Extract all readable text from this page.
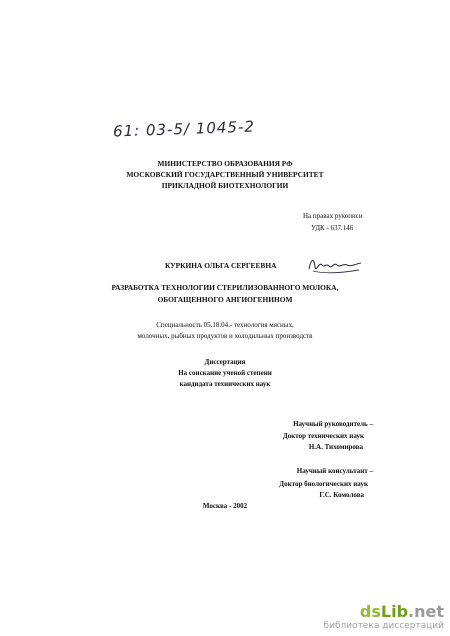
61: 03-5/ 1045-2
МИНИСТЕРСТВО ОБРАЗОВАНИЯ РФ
МОСКОВСКИЙ ГОСУДАРСТВЕННЫЙ УНИВЕРСИТЕТ
ПРИКЛАДНОЙ БИОТЕХНОЛОГИИ
На правах рукописи
УДК - 637.146
КУРКИНА ОЛЬГА СЕРГЕЕВНА
РАЗРАБОТКА ТЕХНОЛОГИИ СТЕРИЛИЗОВАННОГО МОЛОКА,
ОБОГАЩЕННОГО АНГИОГЕНИНОМ
Специальность 05.18.04.- технология мясных,
молочных, рыбных продуктов и холодильных производств
Диссертация
На соискание ученой степени
кандидата технических наук
Научный руководитель –
Доктор технических наук
Н.А. Тихомирова
Научный консультант –
Доктор биологических наук
Г.С. Комолова
Москва - 2002
dsLib.net
библиотека диссертаций
